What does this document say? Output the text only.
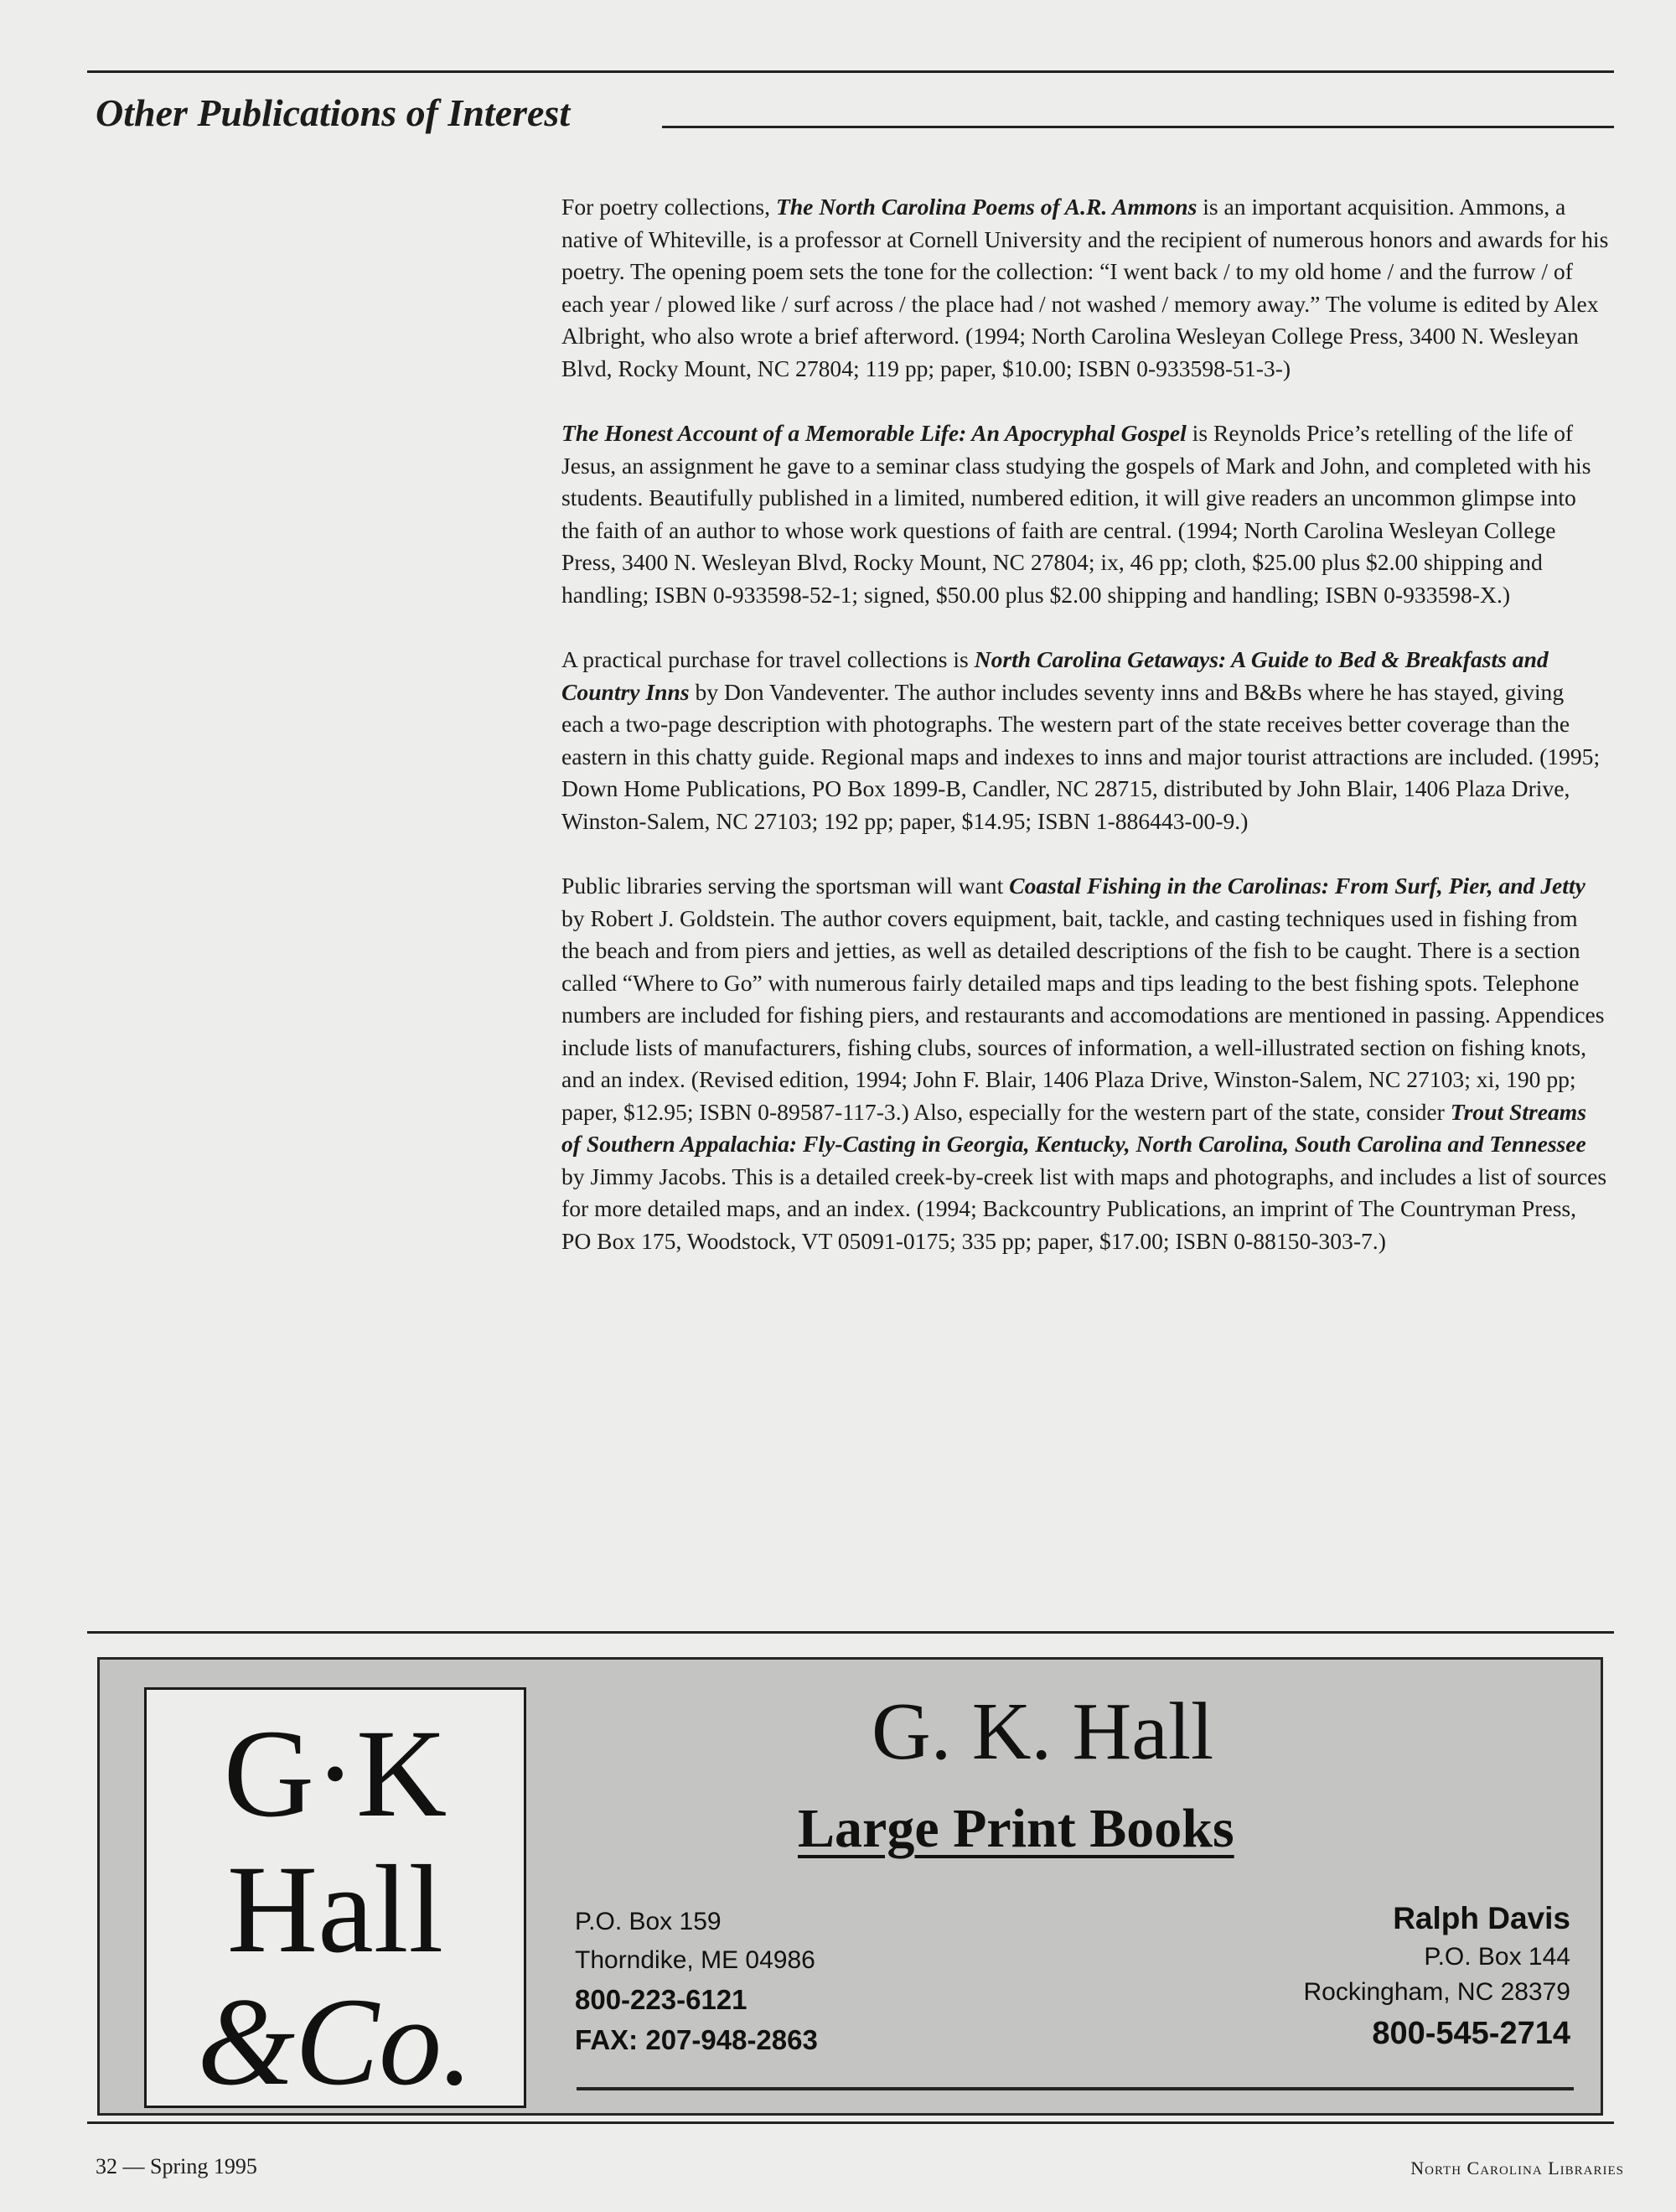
Other Publications of Interest

For poetry collections, The North Carolina Poems of A.R. Ammons is an important acquisition. Ammons, a native of Whiteville, is a professor at Cornell University and the recipient of numerous honors and awards for his poetry. The opening poem sets the tone for the collection: “I went back / to my old home / and the furrow / of each year / plowed like / surf across / the place had / not washed / memory away.” The volume is edited by Alex Albright, who also wrote a brief afterword. (1994; North Carolina Wesleyan College Press, 3400 N. Wesleyan Blvd, Rocky Mount, NC 27804; 119 pp; paper, $10.00; ISBN 0-933598-51-3-)

The Honest Account of a Memorable Life: An Apocryphal Gospel is Reynolds Price’s retelling of the life of Jesus, an assignment he gave to a seminar class studying the gospels of Mark and John, and completed with his students. Beautifully published in a limited, numbered edition, it will give readers an uncommon glimpse into the faith of an author to whose work questions of faith are central. (1994; North Carolina Wesleyan College Press, 3400 N. Wesleyan Blvd, Rocky Mount, NC 27804; ix, 46 pp; cloth, $25.00 plus $2.00 shipping and handling; ISBN 0-933598-52-1; signed, $50.00 plus $2.00 shipping and handling; ISBN 0-933598-X.)

A practical purchase for travel collections is North Carolina Getaways: A Guide to Bed & Breakfasts and Country Inns by Don Vandeventer. The author includes seventy inns and B&Bs where he has stayed, giving each a two-page description with photographs. The western part of the state receives better coverage than the eastern in this chatty guide. Regional maps and indexes to inns and major tourist attractions are included. (1995; Down Home Publications, PO Box 1899-B, Candler, NC 28715, distributed by John Blair, 1406 Plaza Drive, Winston-Salem, NC 27103; 192 pp; paper, $14.95; ISBN 1-886443-00-9.)

Public libraries serving the sportsman will want Coastal Fishing in the Carolinas: From Surf, Pier, and Jetty by Robert J. Goldstein. The author covers equipment, bait, tackle, and casting techniques used in fishing from the beach and from piers and jetties, as well as detailed descriptions of the fish to be caught. There is a section called “Where to Go” with numerous fairly detailed maps and tips leading to the best fishing spots. Telephone numbers are included for fishing piers, and restaurants and accomodations are mentioned in passing. Appendices include lists of manufacturers, fishing clubs, sources of information, a well-illustrated section on fishing knots, and an index. (Revised edition, 1994; John F. Blair, 1406 Plaza Drive, Winston-Salem, NC 27103; xi, 190 pp; paper, $12.95; ISBN 0-89587-117-3.) Also, especially for the western part of the state, consider Trout Streams of Southern Appalachia: Fly-Casting in Georgia, Kentucky, North Carolina, South Carolina and Tennessee by Jimmy Jacobs. This is a detailed creek-by-creek list with maps and photographs, and includes a list of sources for more detailed maps, and an index. (1994; Backcountry Publications, an imprint of The Countryman Press, PO Box 175, Woodstock, VT 05091-0175; 335 pp; paper, $17.00; ISBN 0-88150-303-7.)

G·K
Hall
&Co.
G. K. Hall
Large Print Books
P.O. Box 159
Thorndike, ME 04986
800-223-6121
FAX: 207-948-2863
Ralph Davis
P.O. Box 144
Rockingham, NC 28379
800-545-2714
32 — Spring 1995	North Carolina Libraries
